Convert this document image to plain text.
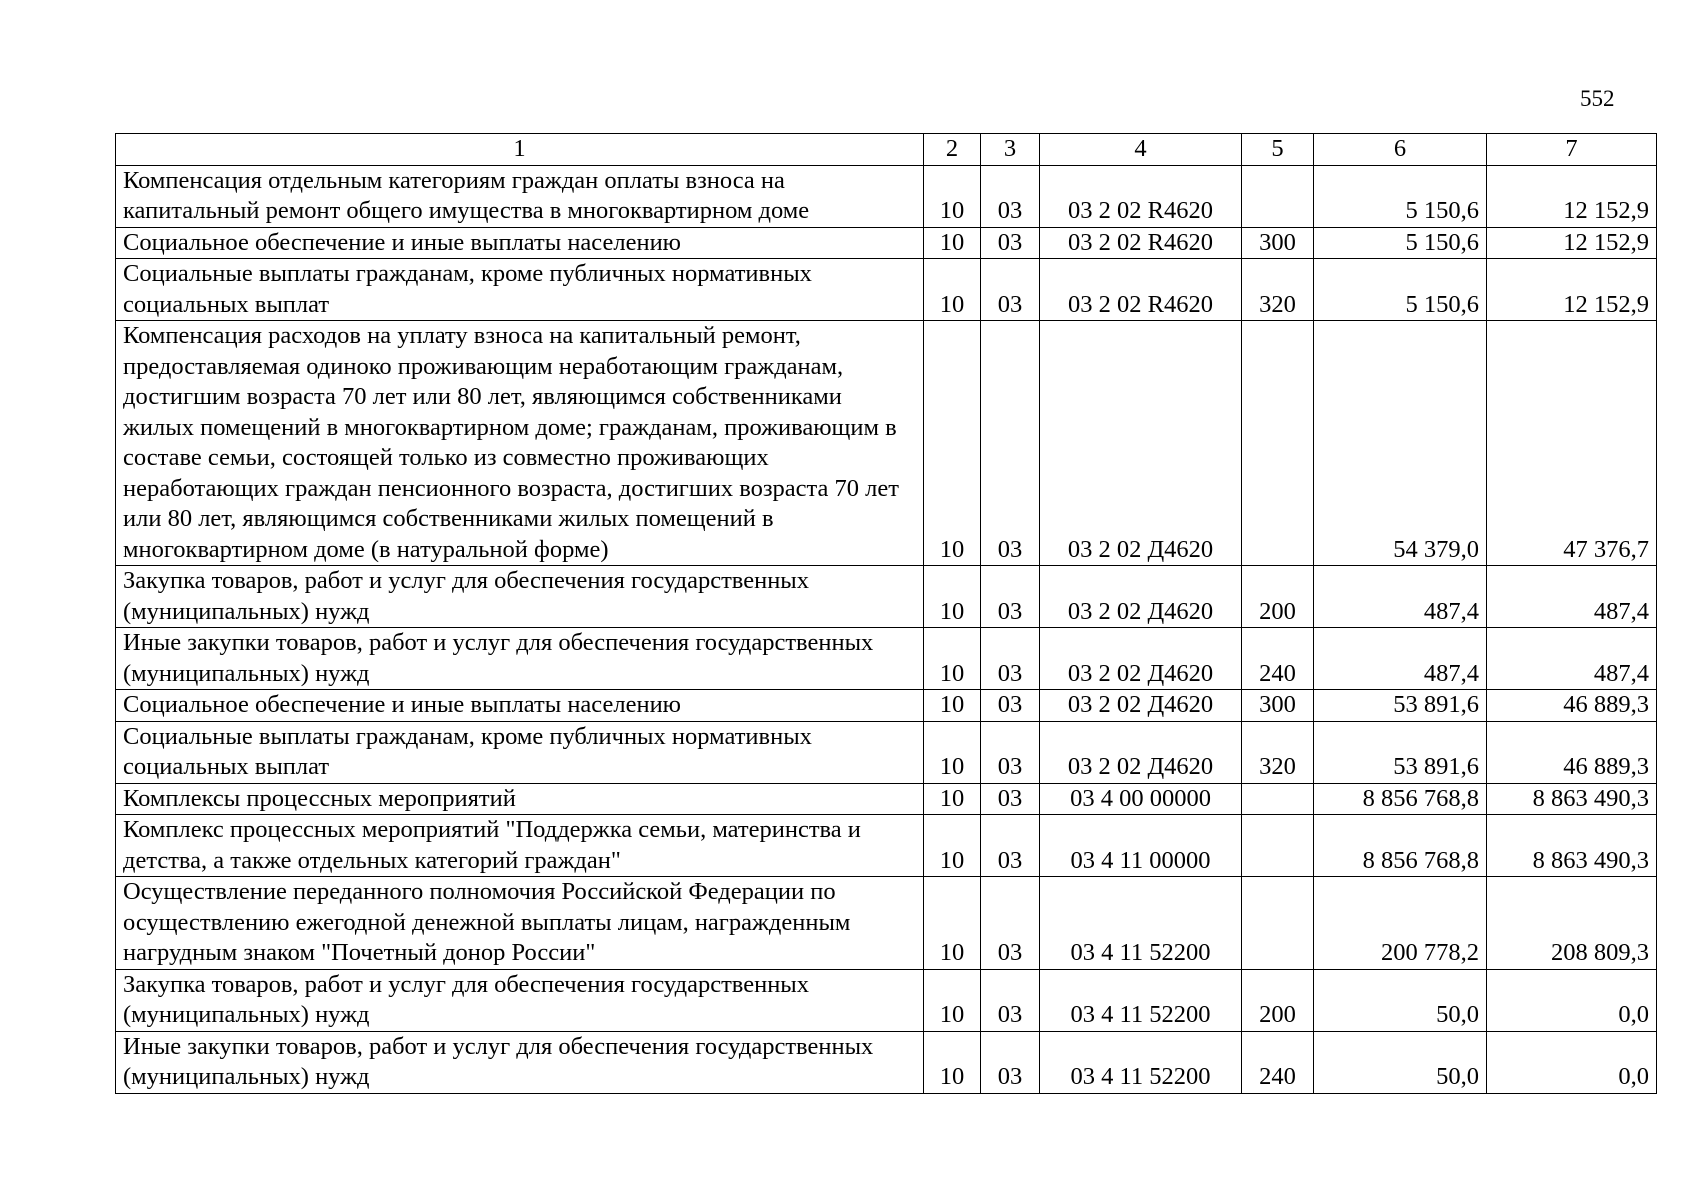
552
1	2	3	4	5	6	7
Компенсация отдельным категориям граждан оплаты взноса на капитальный ремонт общего имущества в многоквартирном доме	10	03	03 2 02 R4620		5 150,6	12 152,9
Социальное обеспечение и иные выплаты населению	10	03	03 2 02 R4620	300	5 150,6	12 152,9
Социальные выплаты гражданам, кроме публичных нормативных социальных выплат	10	03	03 2 02 R4620	320	5 150,6	12 152,9
Компенсация расходов на уплату взноса на капитальный ремонт, предоставляемая одиноко проживающим неработающим гражданам, достигшим возраста 70 лет или 80 лет, являющимся собственниками жилых помещений в многоквартирном доме; гражданам, проживающим в составе семьи, состоящей только из совместно проживающих неработающих граждан пенсионного возраста, достигших возраста 70 лет или 80 лет, являющимся собственниками жилых помещений в многоквартирном доме (в натуральной форме)	10	03	03 2 02 Д4620		54 379,0	47 376,7
Закупка товаров, работ и услуг для обеспечения государственных (муниципальных) нужд	10	03	03 2 02 Д4620	200	487,4	487,4
Иные закупки товаров, работ и услуг для обеспечения государственных (муниципальных) нужд	10	03	03 2 02 Д4620	240	487,4	487,4
Социальное обеспечение и иные выплаты населению	10	03	03 2 02 Д4620	300	53 891,6	46 889,3
Социальные выплаты гражданам, кроме публичных нормативных социальных выплат	10	03	03 2 02 Д4620	320	53 891,6	46 889,3
Комплексы процессных мероприятий	10	03	03 4 00 00000		8 856 768,8	8 863 490,3
Комплекс процессных мероприятий "Поддержка семьи, материнства и детства, а также отдельных категорий граждан"	10	03	03 4 11 00000		8 856 768,8	8 863 490,3
Осуществление переданного полномочия Российской Федерации по осуществлению ежегодной денежной выплаты лицам, награжденным нагрудным знаком "Почетный донор России"	10	03	03 4 11 52200		200 778,2	208 809,3
Закупка товаров, работ и услуг для обеспечения государственных (муниципальных) нужд	10	03	03 4 11 52200	200	50,0	0,0
Иные закупки товаров, работ и услуг для обеспечения государственных (муниципальных) нужд	10	03	03 4 11 52200	240	50,0	0,0
